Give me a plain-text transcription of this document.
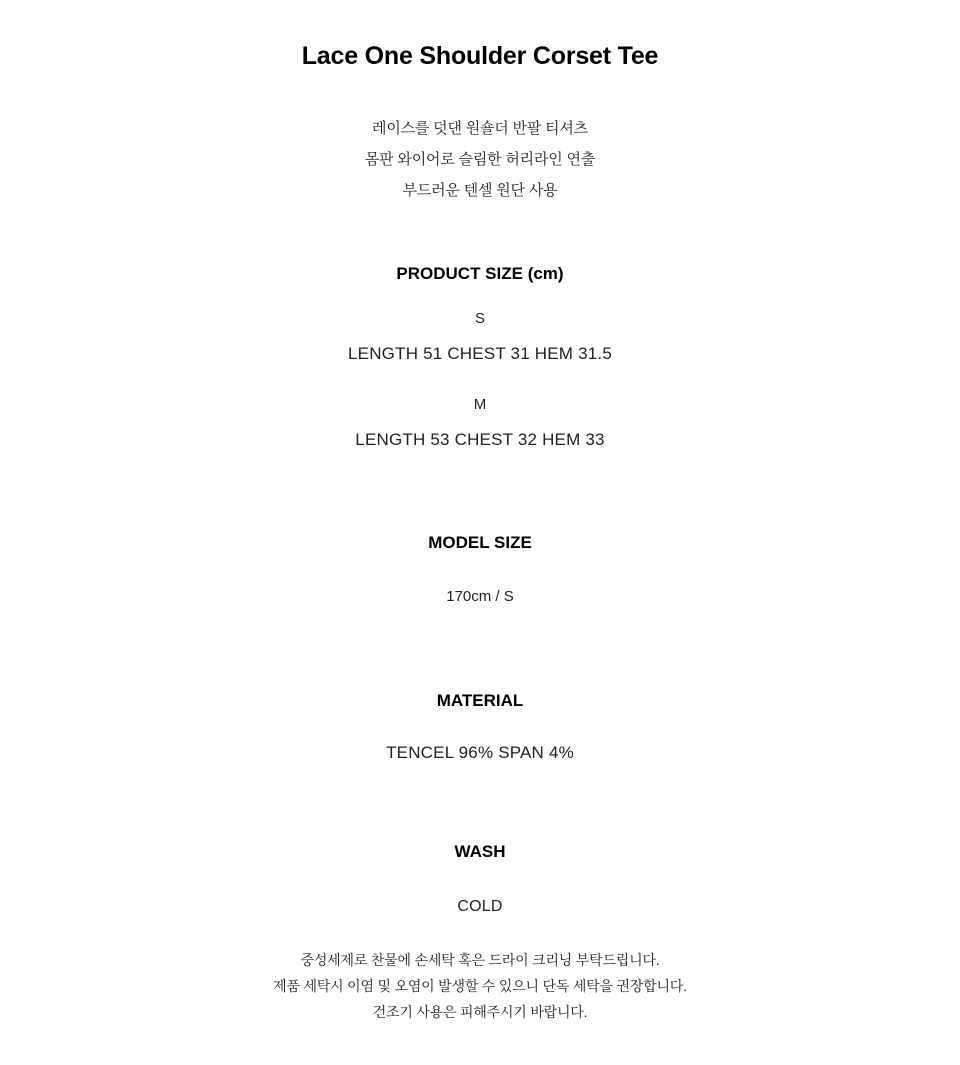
Lace One Shoulder Corset Tee
레이스를 덧댄 원숄더 반팔 티셔츠
몸판 와이어로 슬림한 허리라인 연출
부드러운 텐셀 원단 사용
PRODUCT SIZE (cm)
S
LENGTH 51 CHEST 31 HEM 31.5
M
LENGTH 53 CHEST 32 HEM 33
MODEL SIZE
170cm / S
MATERIAL
TENCEL 96% SPAN 4%
WASH
COLD
중성세제로 찬물에 손세탁 혹은 드라이 크리닝 부탁드립니다.
제품 세탁시 이염 및 오염이 발생할 수 있으니 단독 세탁을 권장합니다.
건조기 사용은 피해주시기 바랍니다.
